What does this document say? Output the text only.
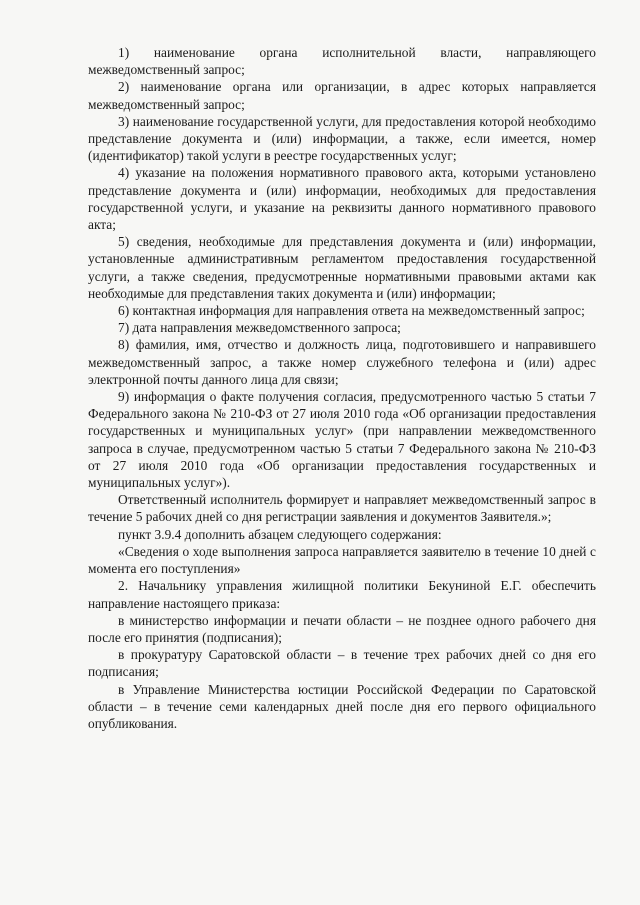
1) наименование органа исполнительной власти, направляющего межведомственный запрос;

2) наименование органа или организации, в адрес которых направляется межведомственный запрос;

3) наименование государственной услуги, для предоставления которой необходимо представление документа и (или) информации, а также, если имеется, номер (идентификатор) такой услуги в реестре государственных услуг;

4) указание на положения нормативного правового акта, которыми установлено представление документа и (или) информации, необходимых для предоставления государственной услуги, и указание на реквизиты данного нормативного правового акта;

5) сведения, необходимые для представления документа и (или) информации, установленные административным регламентом предоставления государственной услуги, а также сведения, предусмотренные нормативными правовыми актами как необходимые для представления таких документа и (или) информации;

6) контактная информация для направления ответа на межведомственный запрос;

7) дата направления межведомственного запроса;

8) фамилия, имя, отчество и должность лица, подготовившего и направившего межведомственный запрос, а также номер служебного телефона и (или) адрес электронной почты данного лица для связи;

9) информация о факте получения согласия, предусмотренного частью 5 статьи 7 Федерального закона № 210-ФЗ от 27 июля 2010 года «Об организации предоставления государственных и муниципальных услуг» (при направлении межведомственного запроса в случае, предусмотренном частью 5 статьи 7 Федерального закона № 210-ФЗ от 27 июля 2010 года «Об организации предоставления государственных и муниципальных услуг»).

Ответственный исполнитель формирует и направляет межведомственный запрос в течение 5 рабочих дней со дня регистрации заявления и документов Заявителя.»;

пункт 3.9.4 дополнить абзацем следующего содержания:

«Сведения о ходе выполнения запроса направляется заявителю в течение 10 дней с момента его поступления»

2. Начальнику управления жилищной политики Бекуниной Е.Г. обеспечить направление настоящего приказа:

в министерство информации и печати области – не позднее одного рабочего дня после его принятия (подписания);

в прокуратуру Саратовской области – в течение трех рабочих дней со дня его подписания;

в Управление Министерства юстиции Российской Федерации по Саратовской области – в течение семи календарных дней после дня его первого официального опубликования.
